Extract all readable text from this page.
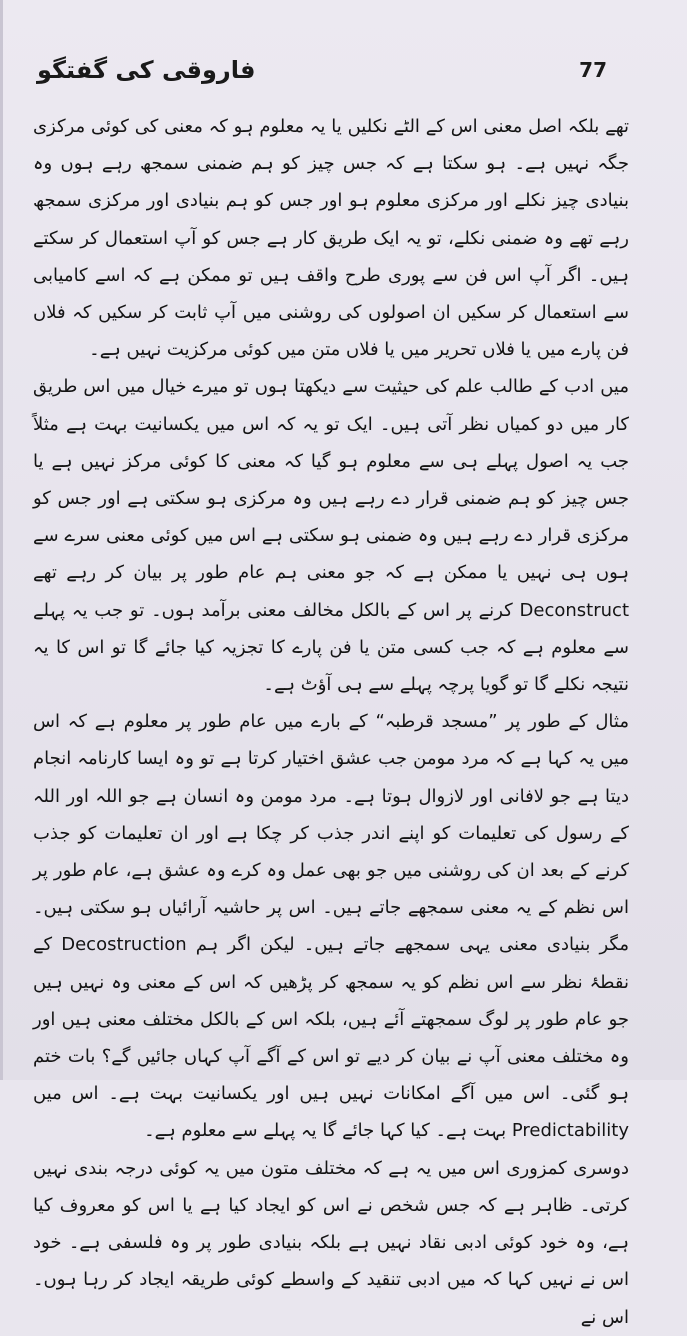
فاروقی کی گفتگو	77

تھے بلکہ اصل معنی اس کے الٹے نکلیں یا یہ معلوم ہو کہ معنی کی کوئی مرکزی جگہ نہیں ہے۔ ہو سکتا ہے کہ جس چیز کو ہم ضمنی سمجھ رہے ہوں وہ بنیادی چیز نکلے اور مرکزی معلوم ہو اور جس کو ہم بنیادی اور مرکزی سمجھ رہے تھے وہ ضمنی نکلے، تو یہ ایک طریق کار ہے جس کو آپ استعمال کر سکتے ہیں۔ اگر آپ اس فن سے پوری طرح واقف ہیں تو ممکن ہے کہ اسے کامیابی سے استعمال کر سکیں ان اصولوں کی روشنی میں آپ ثابت کر سکیں کہ فلاں فن پارے میں یا فلاں تحریر میں یا فلاں متن میں کوئی مرکزیت نہیں ہے۔

میں ادب کے طالب علم کی حیثیت سے دیکھتا ہوں تو میرے خیال میں اس طریق کار میں دو کمیاں نظر آتی ہیں۔ ایک تو یہ کہ اس میں یکسانیت بہت ہے مثلاً جب یہ اصول پہلے ہی سے معلوم ہو گیا کہ معنی کا کوئی مرکز نہیں ہے یا جس چیز کو ہم ضمنی قرار دے رہے ہیں وہ مرکزی ہو سکتی ہے اور جس کو مرکزی قرار دے رہے ہیں وہ ضمنی ہو سکتی ہے اس میں کوئی معنی سرے سے ہوں ہی نہیں یا ممکن ہے کہ جو معنی ہم عام طور پر بیان کر رہے تھے Deconstruct کرنے پر اس کے بالکل مخالف معنی برآمد ہوں۔ تو جب یہ پہلے سے معلوم ہے کہ جب کسی متن یا فن پارے کا تجزیہ کیا جائے گا تو اس کا یہ نتیجہ نکلے گا تو گویا پرچہ پہلے سے ہی آؤٹ ہے۔

مثال کے طور پر ”مسجد قرطبہ“ کے بارے میں عام طور پر معلوم ہے کہ اس میں یہ کہا ہے کہ مرد مومن جب عشق اختیار کرتا ہے تو وہ ایسا کارنامہ انجام دیتا ہے جو لافانی اور لازوال ہوتا ہے۔ مرد مومن وہ انسان ہے جو اللہ اور اللہ کے رسول کی تعلیمات کو اپنے اندر جذب کر چکا ہے اور ان تعلیمات کو جذب کرنے کے بعد ان کی روشنی میں جو بھی عمل وہ کرے وہ عشق ہے، عام طور پر اس نظم کے یہ معنی سمجھے جاتے ہیں۔ اس پر حاشیہ آرائیاں ہو سکتی ہیں۔ مگر بنیادی معنی یہی سمجھے جاتے ہیں۔ لیکن اگر ہم Decostruction کے نقطۂ نظر سے اس نظم کو یہ سمجھ کر پڑھیں کہ اس کے معنی وہ نہیں ہیں جو عام طور پر لوگ سمجھتے آئے ہیں، بلکہ اس کے بالکل مختلف معنی ہیں اور وہ مختلف معنی آپ نے بیان کر دیے تو اس کے آگے آپ کہاں جائیں گے؟ بات ختم ہو گئی۔ اس میں آگے امکانات نہیں ہیں اور یکسانیت بہت ہے۔ اس میں Predictability بہت ہے۔ کیا کہا جائے گا یہ پہلے سے معلوم ہے۔

دوسری کمزوری اس میں یہ ہے کہ مختلف متون میں یہ کوئی درجہ بندی نہیں کرتی۔ ظاہر ہے کہ جس شخص نے اس کو ایجاد کیا ہے یا اس کو معروف کیا ہے، وہ خود کوئی ادبی نقاد نہیں ہے بلکہ بنیادی طور پر وہ فلسفی ہے۔ خود اس نے نہیں کہا کہ میں ادبی تنقید کے واسطے کوئی طریقہ ایجاد کر رہا ہوں۔ اس نے
